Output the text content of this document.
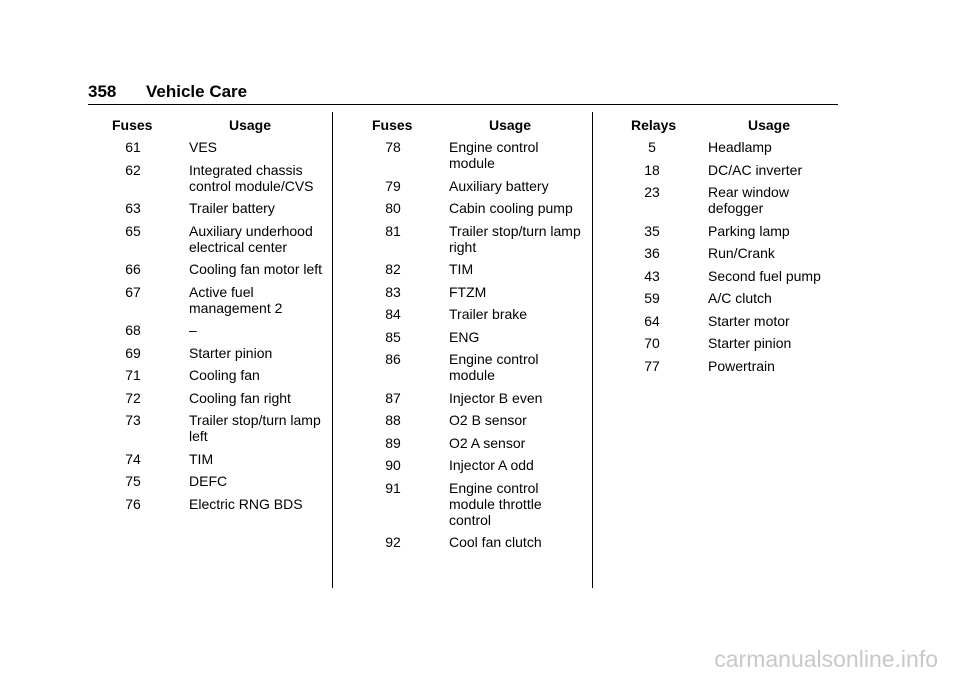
358 Vehicle Care
Fuses	Usage
61	VES
62	Integrated chassis control module/CVS
63	Trailer battery
65	Auxiliary underhood electrical center
66	Cooling fan motor left
67	Active fuel management 2
68	–
69	Starter pinion
71	Cooling fan
72	Cooling fan right
73	Trailer stop/turn lamp left
74	TIM
75	DEFC
76	Electric RNG BDS
Fuses	Usage
78	Engine control module
79	Auxiliary battery
80	Cabin cooling pump
81	Trailer stop/turn lamp right
82	TIM
83	FTZM
84	Trailer brake
85	ENG
86	Engine control module
87	Injector B even
88	O2 B sensor
89	O2 A sensor
90	Injector A odd
91	Engine control module throttle control
92	Cool fan clutch
Relays	Usage
5	Headlamp
18	DC/AC inverter
23	Rear window defogger
35	Parking lamp
36	Run/Crank
43	Second fuel pump
59	A/C clutch
64	Starter motor
70	Starter pinion
77	Powertrain
carmanualsonline.info
